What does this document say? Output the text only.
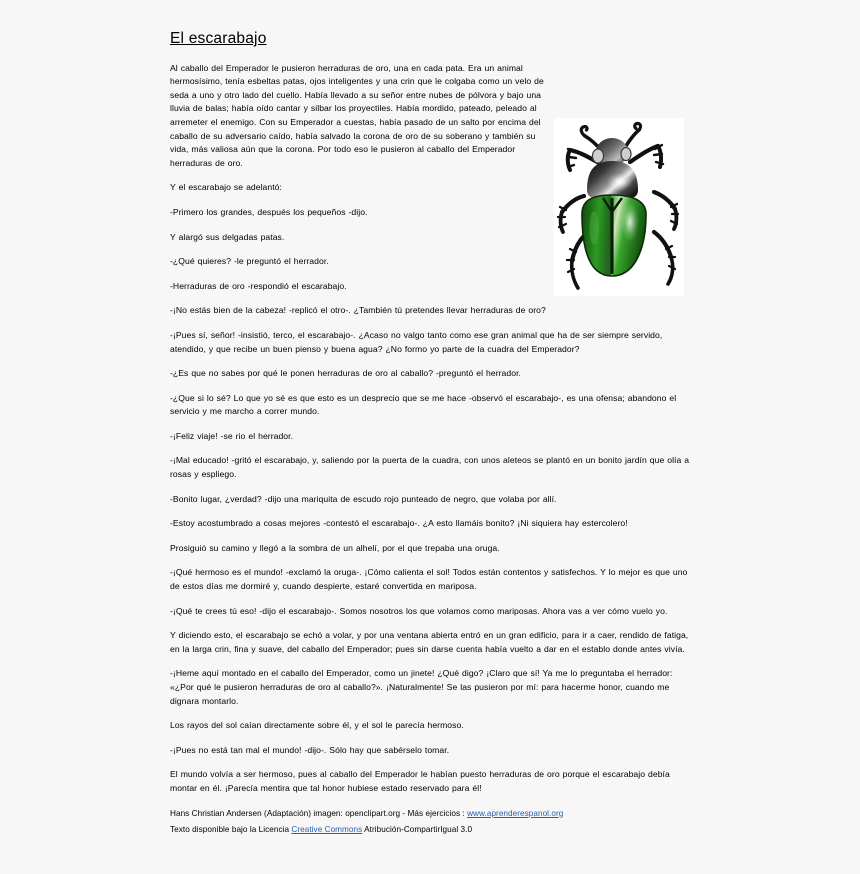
El escarabajo

Al caballo del Emperador le pusieron herraduras de oro, una en cada pata. Era un animal hermosísimo, tenía esbeltas patas, ojos inteligentes y una crin que le colgaba como un velo de seda a uno y otro lado del cuello. Había llevado a su señor entre nubes de pólvora y bajo una lluvia de balas; había oído cantar y silbar los proyectiles. Había mordido, pateado, peleado al arremeter el enemigo. Con su Emperador a cuestas, había pasado de un salto por encima del caballo de su adversario caído, había salvado la corona de oro de su soberano y también su vida, más valiosa aún que la corona. Por todo eso le pusieron al caballo del Emperador herraduras de oro.

Y el escarabajo se adelantó:

-Primero los grandes, después los pequeños -dijo.

Y alargó sus delgadas patas.

-¿Qué quieres? -le preguntó el herrador.

-Herraduras de oro -respondió el escarabajo.

-¡No estás bien de la cabeza! -replicó el otro-. ¿También tú pretendes llevar herraduras de oro?

-¡Pues sí, señor! -insistió, terco, el escarabajo-. ¿Acaso no valgo tanto como ese gran animal que ha de ser siempre servido, atendido, y que recibe un buen pienso y buena agua? ¿No formo yo parte de la cuadra del Emperador?

-¿Es que no sabes por qué le ponen herraduras de oro al caballo? -preguntó el herrador.

-¿Que si lo sé? Lo que yo sé es que esto es un desprecio que se me hace -observó el escarabajo-, es una ofensa; abandono el servicio y me marcho a correr mundo.

-¡Feliz viaje! -se rio el herrador.

-¡Mal educado! -gritó el escarabajo, y, saliendo por la puerta de la cuadra, con unos aleteos se plantó en un bonito jardín que olía a rosas y espliego.

-Bonito lugar, ¿verdad? -dijo una mariquita de escudo rojo punteado de negro, que volaba por allí.

-Estoy acostumbrado a cosas mejores -contestó el escarabajo-. ¿A esto llamáis bonito? ¡Ni siquiera hay estercolero!

Prosiguió su camino y llegó a la sombra de un alhelí, por el que trepaba una oruga.

-¡Qué hermoso es el mundo! -exclamó la oruga-. ¡Cómo calienta el sol! Todos están contentos y satisfechos. Y lo mejor es que uno de estos días me dormiré y, cuando despierte, estaré convertida en mariposa.

-¡Qué te crees tú eso! -dijo el escarabajo-. Somos nosotros los que volamos como mariposas. Ahora vas a ver cómo vuelo yo.

Y diciendo esto, el escarabajo se echó a volar, y por una ventana abierta entró en un gran edificio, para ir a caer, rendido de fatiga, en la larga crin, fina y suave, del caballo del Emperador; pues sin darse cuenta había vuelto a dar en el establo donde antes vivía.

-¡Heme aquí montado en el caballo del Emperador, como un jinete! ¿Qué digo? ¡Claro que sí! Ya me lo preguntaba el herrador: «¿Por qué le pusieron herraduras de oro al caballo?». ¡Naturalmente! Se las pusieron por mí: para hacerme honor, cuando me dignara montarlo.

Los rayos del sol caían directamente sobre él, y el sol le parecía hermoso.

-¡Pues no está tan mal el mundo! -dijo-. Sólo hay que sabérselo tomar.

El mundo volvía a ser hermoso, pues al caballo del Emperador le habían puesto herraduras de oro porque el escarabajo debía montar en él. ¡Parecía mentira que tal honor hubiese estado reservado para él!

Hans Christian Andersen (Adaptación) imagen: openclipart.org - Más ejercicios : www.aprenderespanol.org

Texto disponible bajo la Licencia Creative Commons Atribución-CompartirIgual 3.0
